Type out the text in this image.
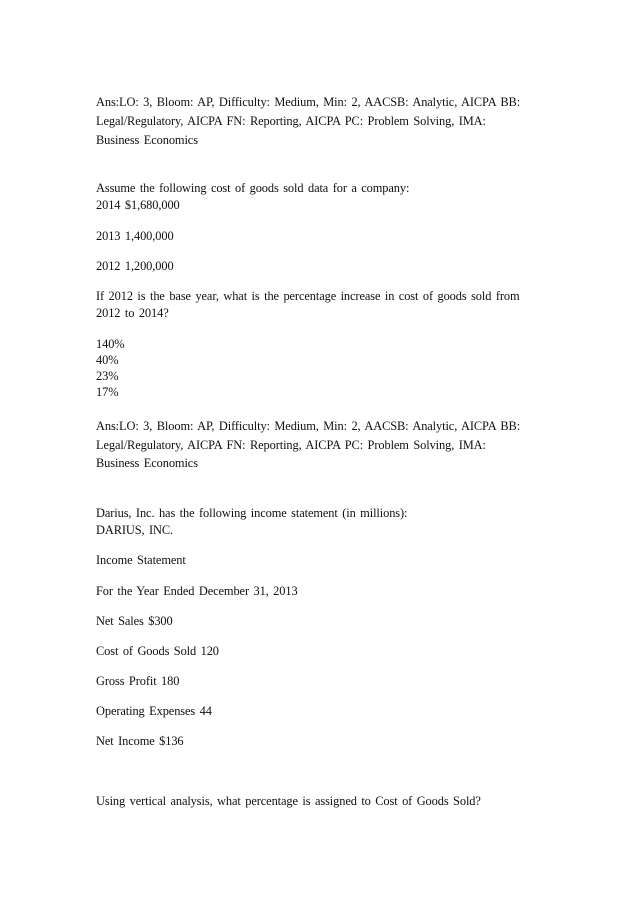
Ans:LO: 3, Bloom: AP, Difficulty: Medium, Min: 2, AACSB: Analytic, AICPA BB:
Legal/Regulatory, AICPA FN: Reporting, AICPA PC: Problem Solving, IMA:
Business Economics
Assume the following cost of goods sold data for a company:
2014 $1,680,000
2013 1,400,000
2012 1,200,000
If 2012 is the base year, what is the percentage increase in cost of goods sold from
2012 to 2014?
140%
40%
23%
17%
Ans:LO: 3, Bloom: AP, Difficulty: Medium, Min: 2, AACSB: Analytic, AICPA BB:
Legal/Regulatory, AICPA FN: Reporting, AICPA PC: Problem Solving, IMA:
Business Economics
Darius, Inc. has the following income statement (in millions):
DARIUS, INC.
Income Statement
For the Year Ended December 31, 2013
Net Sales $300
Cost of Goods Sold 120
Gross Profit 180
Operating Expenses 44
Net Income $136
Using vertical analysis, what percentage is assigned to Cost of Goods Sold?
